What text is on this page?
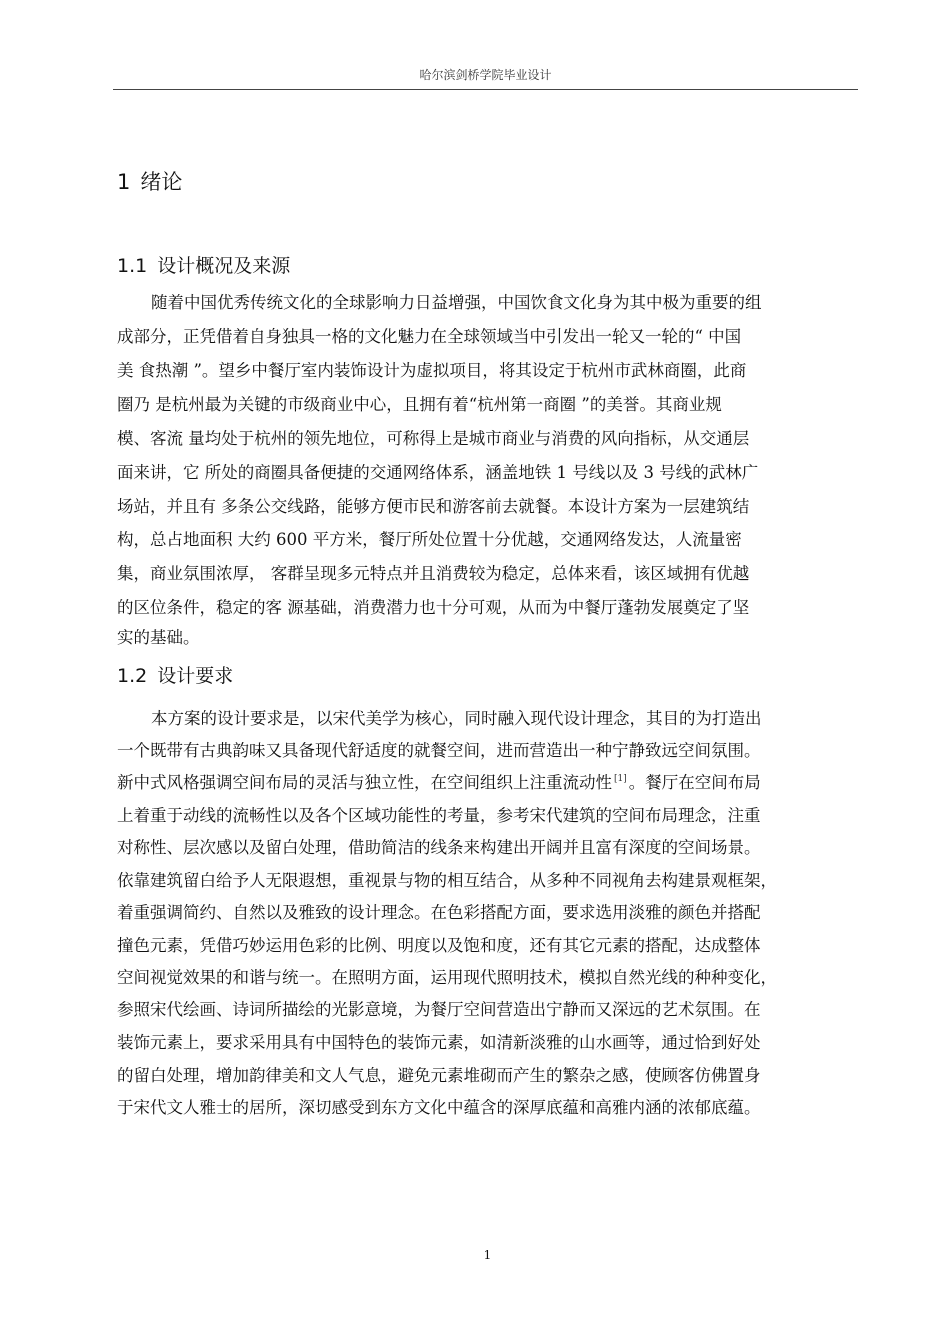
哈尔滨剑桥学院毕业设计
1 绪论
1.1 设计概况及来源
随着中国优秀传统文化的全球影响力日益增强，中国饮食文化身为其中极为重要的组
成部分，正凭借着自身独具一格的文化魅力在全球领域当中引发出一轮又一轮的“ 中国
美 食热潮 ”。望乡中餐厅室内装饰设计为虚拟项目，将其设定于杭州市武林商圈，此商
圈乃 是杭州最为关键的市级商业中心，且拥有着“杭州第一商圈 ”的美誉。其商业规
模、客流 量均处于杭州的领先地位，可称得上是城市商业与消费的风向指标，从交通层
面来讲，它 所处的商圈具备便捷的交通网络体系，涵盖地铁 1 号线以及 3 号线的武林广
场站，并且有 多条公交线路，能够方便市民和游客前去就餐。本设计方案为一层建筑结
构，总占地面积 大约 600 平方米，餐厅所处位置十分优越，交通网络发达，人流量密
集，商业氛围浓厚， 客群呈现多元特点并且消费较为稳定，总体来看，该区域拥有优越
的区位条件，稳定的客 源基础，消费潜力也十分可观，从而为中餐厅蓬勃发展奠定了坚
实的基础。
1.2 设计要求
本方案的设计要求是，以宋代美学为核心，同时融入现代设计理念，其目的为打造出
一个既带有古典韵味又具备现代舒适度的就餐空间，进而营造出一种宁静致远空间氛围。
新中式风格强调空间布局的灵活与独立性，在空间组织上注重流动性 [1] 。餐厅在空间布局
上着重于动线的流畅性以及各个区域功能性的考量，参考宋代建筑的空间布局理念，注重
对称性、层次感以及留白处理，借助简洁的线条来构建出开阔并且富有深度的空间场景。
依靠建筑留白给予人无限遐想，重视景与物的相互结合，从多种不同视角去构建景观框架，
着重强调简约、自然以及雅致的设计理念。在色彩搭配方面，要求选用淡雅的颜色并搭配
撞色元素，凭借巧妙运用色彩的比例、明度以及饱和度，还有其它元素的搭配，达成整体
空间视觉效果的和谐与统一。在照明方面，运用现代照明技术，模拟自然光线的种种变化，
参照宋代绘画、诗词所描绘的光影意境，为餐厅空间营造出宁静而又深远的艺术氛围。在
装饰元素上，要求采用具有中国特色的装饰元素，如清新淡雅的山水画等，通过恰到好处
的留白处理，增加韵律美和文人气息，避免元素堆砌而产生的繁杂之感，使顾客仿佛置身
于宋代文人雅士的居所，深切感受到东方文化中蕴含的深厚底蕴和高雅内涵的浓郁底蕴。
1
